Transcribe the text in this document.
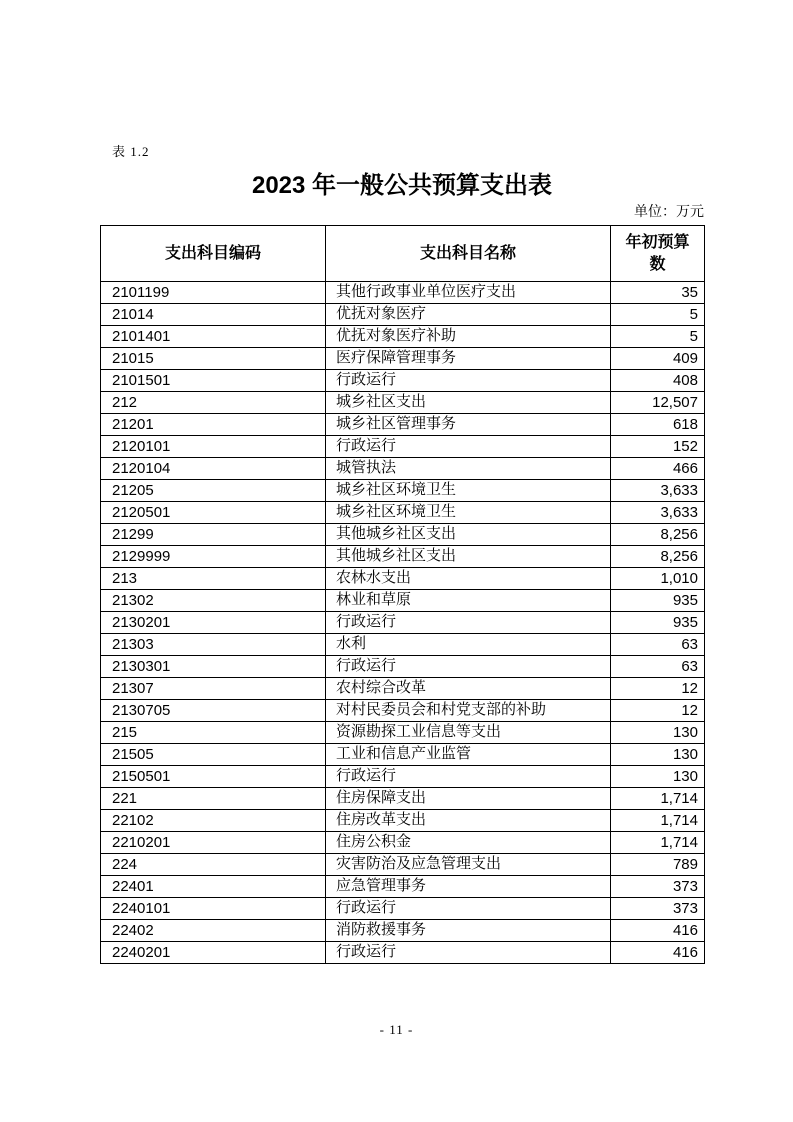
表 1.2
2023 年一般公共预算支出表
单位：万元
支出科目编码	支出科目名称	年初预算数
2101199	其他行政事业单位医疗支出	35
21014	优抚对象医疗	5
2101401	优抚对象医疗补助	5
21015	医疗保障管理事务	409
2101501	行政运行	408
212	城乡社区支出	12,507
21201	城乡社区管理事务	618
2120101	行政运行	152
2120104	城管执法	466
21205	城乡社区环境卫生	3,633
2120501	城乡社区环境卫生	3,633
21299	其他城乡社区支出	8,256
2129999	其他城乡社区支出	8,256
213	农林水支出	1,010
21302	林业和草原	935
2130201	行政运行	935
21303	水利	63
2130301	行政运行	63
21307	农村综合改革	12
2130705	对村民委员会和村党支部的补助	12
215	资源勘探工业信息等支出	130
21505	工业和信息产业监管	130
2150501	行政运行	130
221	住房保障支出	1,714
22102	住房改革支出	1,714
2210201	住房公积金	1,714
224	灾害防治及应急管理支出	789
22401	应急管理事务	373
2240101	行政运行	373
22402	消防救援事务	416
2240201	行政运行	416
- 11 -
